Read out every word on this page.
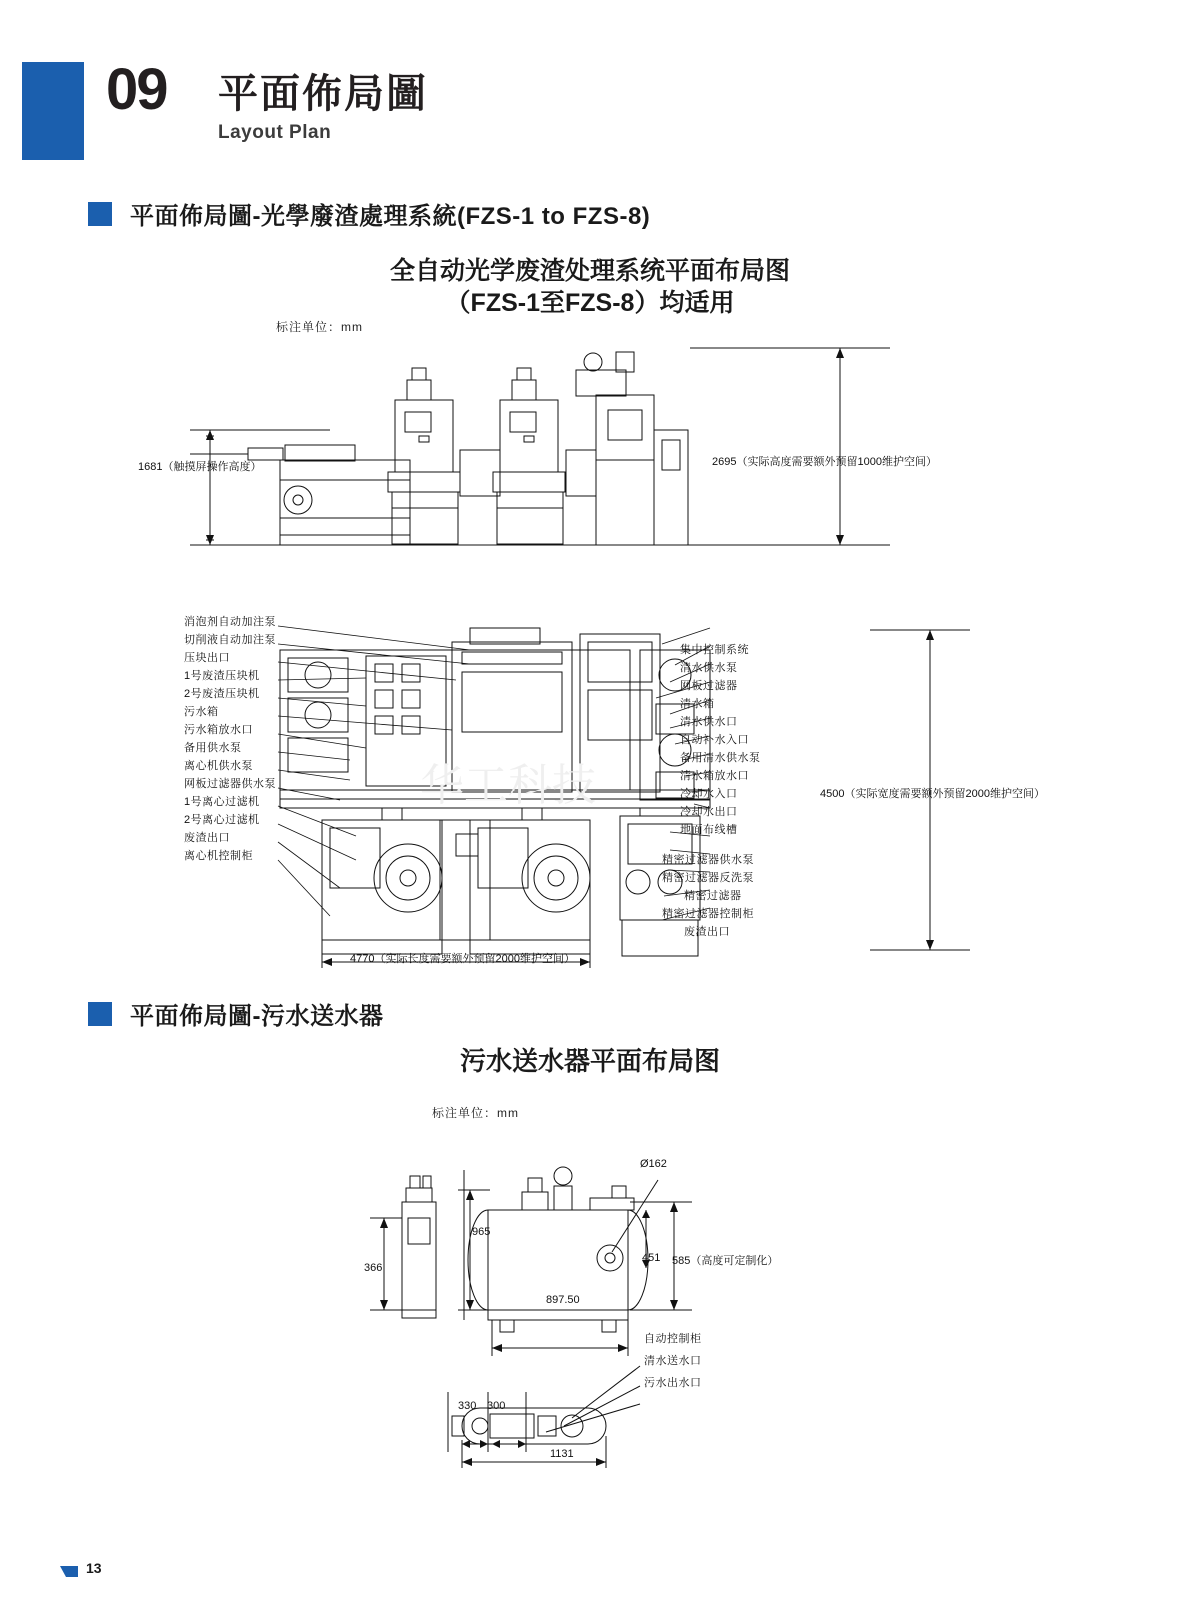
09 平面佈局圖
Layout Plan
平面佈局圖-光學廢渣處理系統(FZS-1 to FZS-8)
全自动光学废渣处理系统平面布局图
（FZS-1至FZS-8）均适用
标注单位：mm
1681（触摸屏操作高度）	2695（实际高度需要额外预留1000维护空间）
华工科技
消泡剂自动加注泵
切削液自动加注泵
压块出口
1号废渣压块机
2号废渣压块机
污水箱
污水箱放水口
备用供水泵
离心机供水泵
网板过滤器供水泵
1号离心过滤机
2号离心过滤机
废渣出口
离心机控制柜
集中控制系统
清水供水泵
网板过滤器
清水箱
清水供水口
自动补水入口
备用清水供水泵
清水箱放水口
冷却水入口
冷却水出口
地面布线槽
精密过滤器供水泵
精密过滤器反洗泵
精密过滤器
精密过滤器控制柜
废渣出口
4500（实际宽度需要额外预留2000维护空间）
4770（实际长度需要额外预留2000维护空间）
平面佈局圖-污水送水器
污水送水器平面布局图
标注单位：mm
Ø162
366
965
451 585（高度可定制化）
897.50
330 300
1131
自动控制柜
清水送水口
污水出水口
13
